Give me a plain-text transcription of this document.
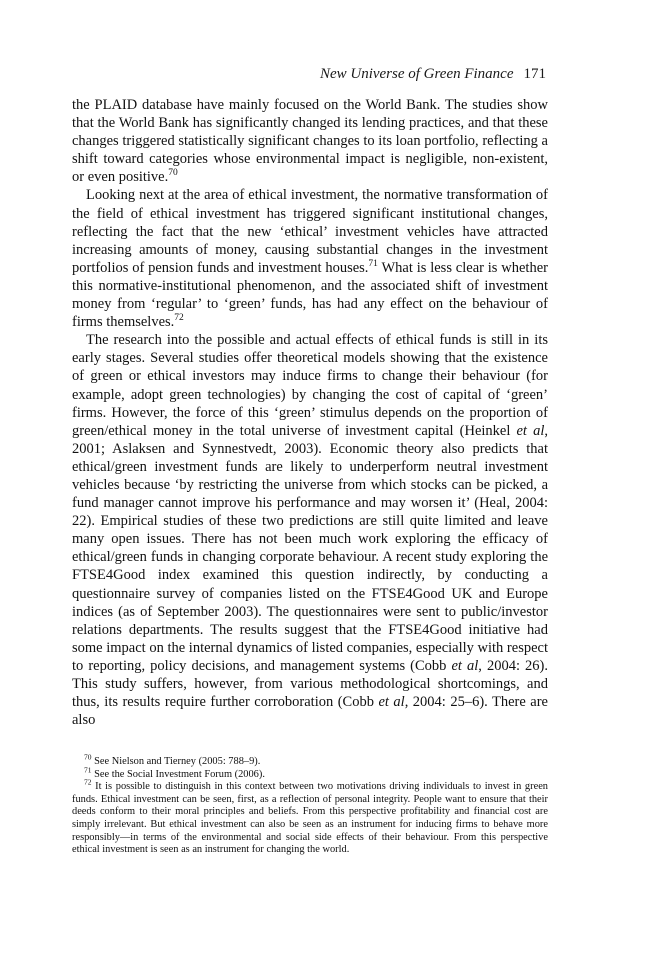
New Universe of Green Finance 171

the PLAID database have mainly focused on the World Bank. The studies show that the World Bank has significantly changed its lending practices, and that these changes triggered statistically significant changes to its loan portfolio, reflecting a shift toward categories whose environmental impact is negligible, non-existent, or even positive.$^{70}$

Looking next at the area of ethical investment, the normative transformation of the field of ethical investment has triggered significant institutional changes, reflecting the fact that the new ‘ethical’ investment vehicles have attracted increasing amounts of money, causing substantial changes in the investment portfolios of pension funds and investment houses.$^{71}$ What is less clear is whether this normative-institutional phenomenon, and the associated shift of investment money from ‘regular’ to ‘green’ funds, has had any effect on the behaviour of firms themselves.$^{72}$

The research into the possible and actual effects of ethical funds is still in its early stages. Several studies offer theoretical models showing that the existence of green or ethical investors may induce firms to change their behaviour (for example, adopt green technologies) by changing the cost of capital of ‘green’ firms. However, the force of this ‘green’ stimulus depends on the proportion of green/ethical money in the total universe of investment capital (Heinkel et al, 2001; Aslaksen and Synnestvedt, 2003). Economic theory also predicts that ethical/green investment funds are likely to underperform neutral investment vehicles because ‘by restricting the universe from which stocks can be picked, a fund manager cannot improve his performance and may worsen it’ (Heal, 2004: 22). Empirical studies of these two predictions are still quite limited and leave many open issues. There has not been much work exploring the efficacy of ethical/green funds in changing corporate behaviour. A recent study exploring the FTSE4Good index examined this question indirectly, by conducting a questionnaire survey of companies listed on the FTSE4Good UK and Europe indices (as of September 2003). The questionnaires were sent to public/investor relations departments. The results suggest that the FTSE4Good initiative had some impact on the internal dynamics of listed companies, especially with respect to reporting, policy decisions, and management systems (Cobb et al, 2004: 26). This study suffers, however, from various methodological shortcomings, and thus, its results require further corroboration (Cobb et al, 2004: 25–6). There are also

$^{70}$ See Nielson and Tierney (2005: 788–9).

$^{71}$ See the Social Investment Forum (2006).

$^{72}$ It is possible to distinguish in this context between two motivations driving individuals to invest in green funds. Ethical investment can be seen, first, as a reflection of personal integrity. People want to ensure that their deeds conform to their moral principles and beliefs. From this perspective profitability and financial cost are simply irrelevant. But ethical investment can also be seen as an instrument for inducing firms to behave more responsibly—in terms of the environmental and social side effects of their behaviour. From this perspective ethical investment is seen as an instrument for changing the world.
